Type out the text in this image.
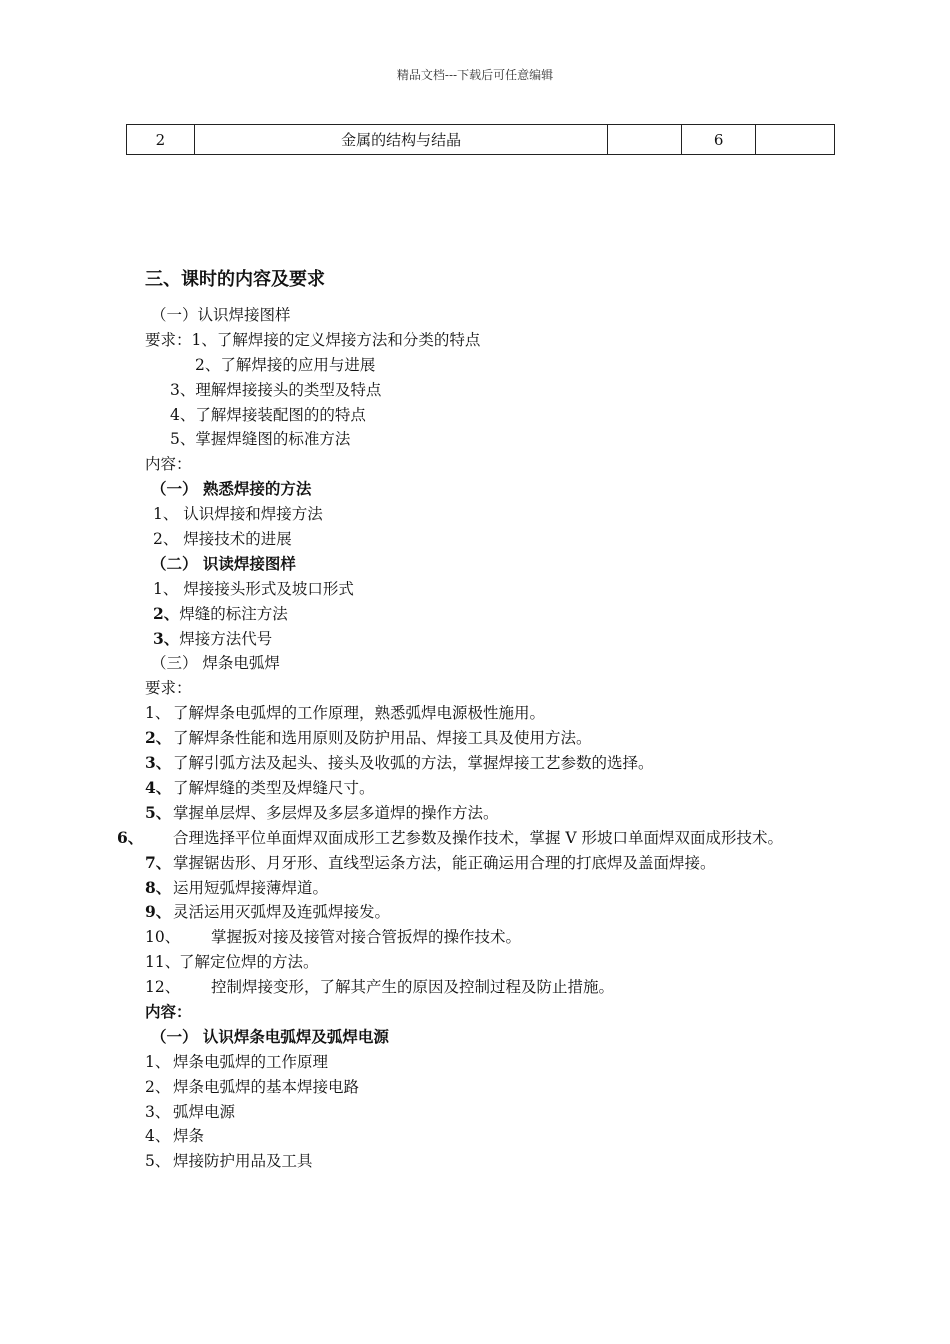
精品文档---下载后可任意编辑
2	金属的结构与结晶		6	
三、课时的内容及要求
（一）认识焊接图样
要求：1、了解焊接的定义焊接方法和分类的特点
2、了解焊接的应用与进展
3、理解焊接接头的类型及特点
4、了解焊接装配图的的特点
5、掌握焊缝图的标准方法
内容：
（一） 熟悉焊接的方法
1、 认识焊接和焊接方法
2、 焊接技术的进展
（二） 识读焊接图样
1、 焊接接头形式及坡口形式
2、焊缝的标注方法
3、焊接方法代号
（三） 焊条电弧焊
要求：
1、 了解焊条电弧焊的工作原理，熟悉弧焊电源极性施用。
2、 了解焊条性能和选用原则及防护用品、焊接工具及使用方法。
3、 了解引弧方法及起头、接头及收弧的方法，掌握焊接工艺参数的选择。
4、 了解焊缝的类型及焊缝尺寸。
5、 掌握单层焊、多层焊及多层多道焊的操作方法。
6、 合理选择平位单面焊双面成形工艺参数及操作技术，掌握 V 形坡口单面焊双面成形技术。
7、 掌握锯齿形、月牙形、直线型运条方法，能正确运用合理的打底焊及盖面焊接。
8、 运用短弧焊接薄焊道。
9、 灵活运用灭弧焊及连弧焊接发。
10、 掌握扳对接及接管对接合管扳焊的操作技术。
11、了解定位焊的方法。
12、 控制焊接变形，了解其产生的原因及控制过程及防止措施。
内容：
（一） 认识焊条电弧焊及弧焊电源
1、 焊条电弧焊的工作原理
2、 焊条电弧焊的基本焊接电路
3、 弧焊电源
4、 焊条
5、 焊接防护用品及工具
